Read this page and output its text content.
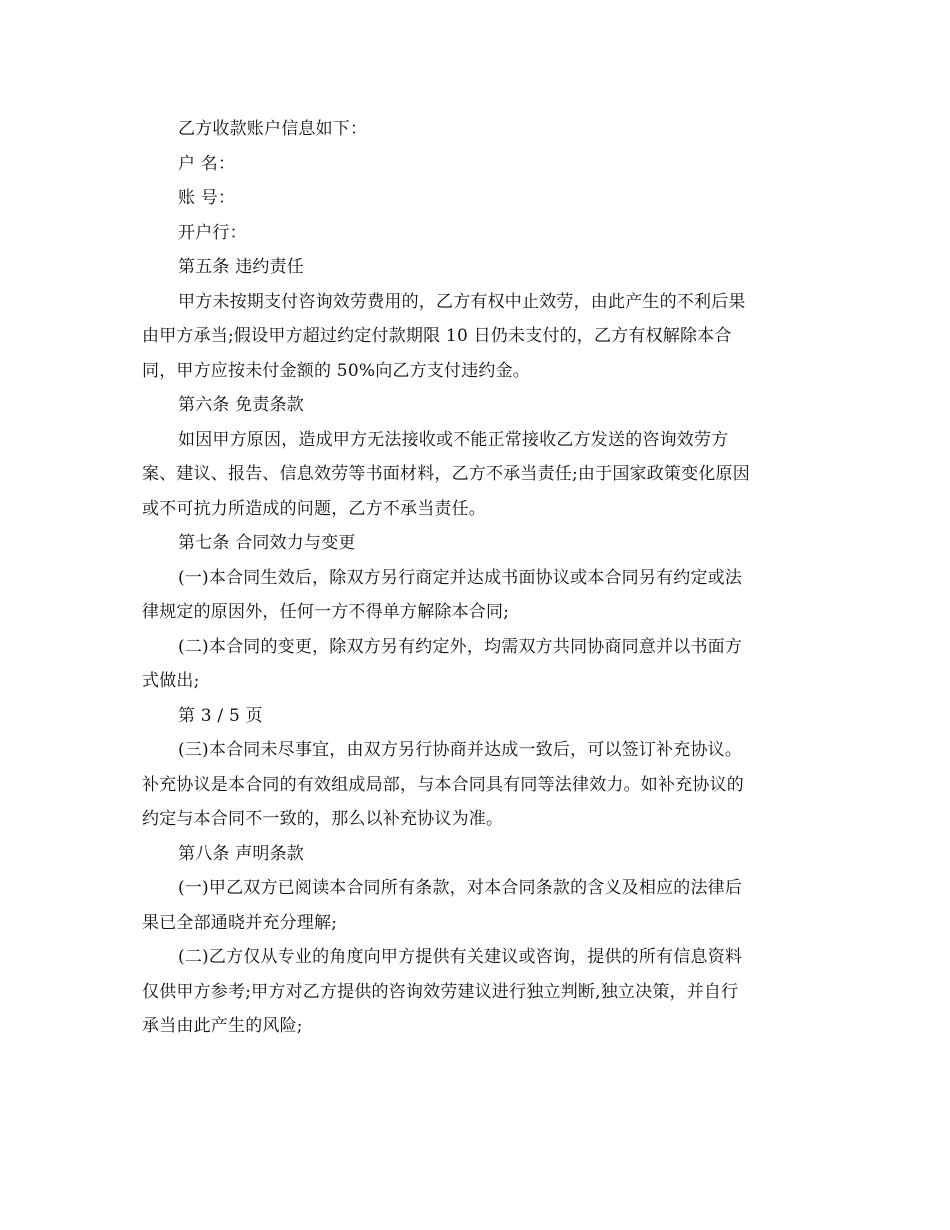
乙方收款账户信息如下：
户 名：
账 号：
开户行：
第五条 违约责任
甲方未按期支付咨询效劳费用的，乙方有权中止效劳，由此产生的不利后果
由甲方承当;假设甲方超过约定付款期限 10 日仍未支付的，乙方有权解除本合
同，甲方应按未付金额的 50%向乙方支付违约金。
第六条 免责条款
如因甲方原因，造成甲方无法接收或不能正常接收乙方发送的咨询效劳方
案、建议、报告、信息效劳等书面材料，乙方不承当责任;由于国家政策变化原因
或不可抗力所造成的问题，乙方不承当责任。
第七条 合同效力与变更
(一)本合同生效后，除双方另行商定并达成书面协议或本合同另有约定或法
律规定的原因外，任何一方不得单方解除本合同;
(二)本合同的变更，除双方另有约定外，均需双方共同协商同意并以书面方
式做出;
第 3 / 5 页
(三)本合同未尽事宜，由双方另行协商并达成一致后，可以签订补充协议。
补充协议是本合同的有效组成局部，与本合同具有同等法律效力。如补充协议的
约定与本合同不一致的，那么以补充协议为准。
第八条 声明条款
(一)甲乙双方已阅读本合同所有条款，对本合同条款的含义及相应的法律后
果已全部通晓并充分理解;
(二)乙方仅从专业的角度向甲方提供有关建议或咨询，提供的所有信息资料
仅供甲方参考;甲方对乙方提供的咨询效劳建议进行独立判断,独立决策，并自行
承当由此产生的风险;
